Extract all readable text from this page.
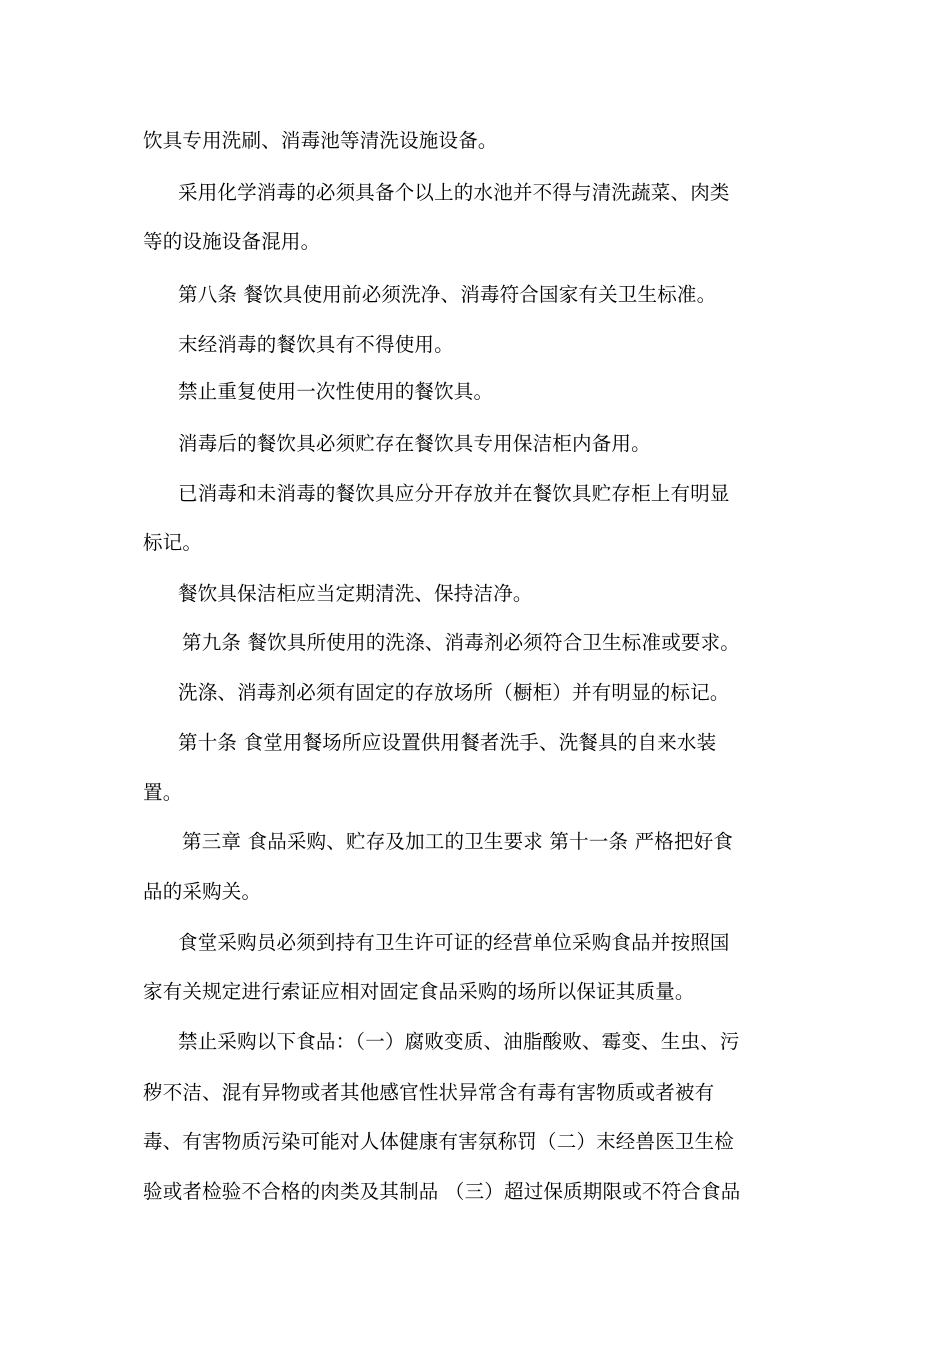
饮具专用洗刷、消毒池等清洗设施设备。
采用化学消毒的必须具备个以上的水池并不得与清洗蔬菜、肉类
等的设施设备混用。
第八条 餐饮具使用前必须洗净、消毒符合国家有关卫生标准。
末经消毒的餐饮具有不得使用。
禁止重复使用一次性使用的餐饮具。
消毒后的餐饮具必须贮存在餐饮具专用保洁柜内备用。
已消毒和未消毒的餐饮具应分开存放并在餐饮具贮存柜上有明显
标记。
餐饮具保洁柜应当定期清洗、保持洁净。
第九条 餐饮具所使用的洗涤、消毒剂必须符合卫生标准或要求。
洗涤、消毒剂必须有固定的存放场所（橱柜）并有明显的标记。
第十条 食堂用餐场所应设置供用餐者洗手、洗餐具的自来水装
置。
第三章 食品采购、贮存及加工的卫生要求 第十一条 严格把好食
品的采购关。
食堂采购员必须到持有卫生许可证的经营单位采购食品并按照国
家有关规定进行索证应相对固定食品采购的场所以保证其质量。
禁止采购以下食品：（一）腐败变质、油脂酸败、霉变、生虫、污
秽不洁、混有异物或者其他感官性状异常含有毒有害物质或者被有
毒、有害物质污染可能对人体健康有害氛称罚（二）末经兽医卫生检
验或者检验不合格的肉类及其制品 （三）超过保质期限或不符合食品
